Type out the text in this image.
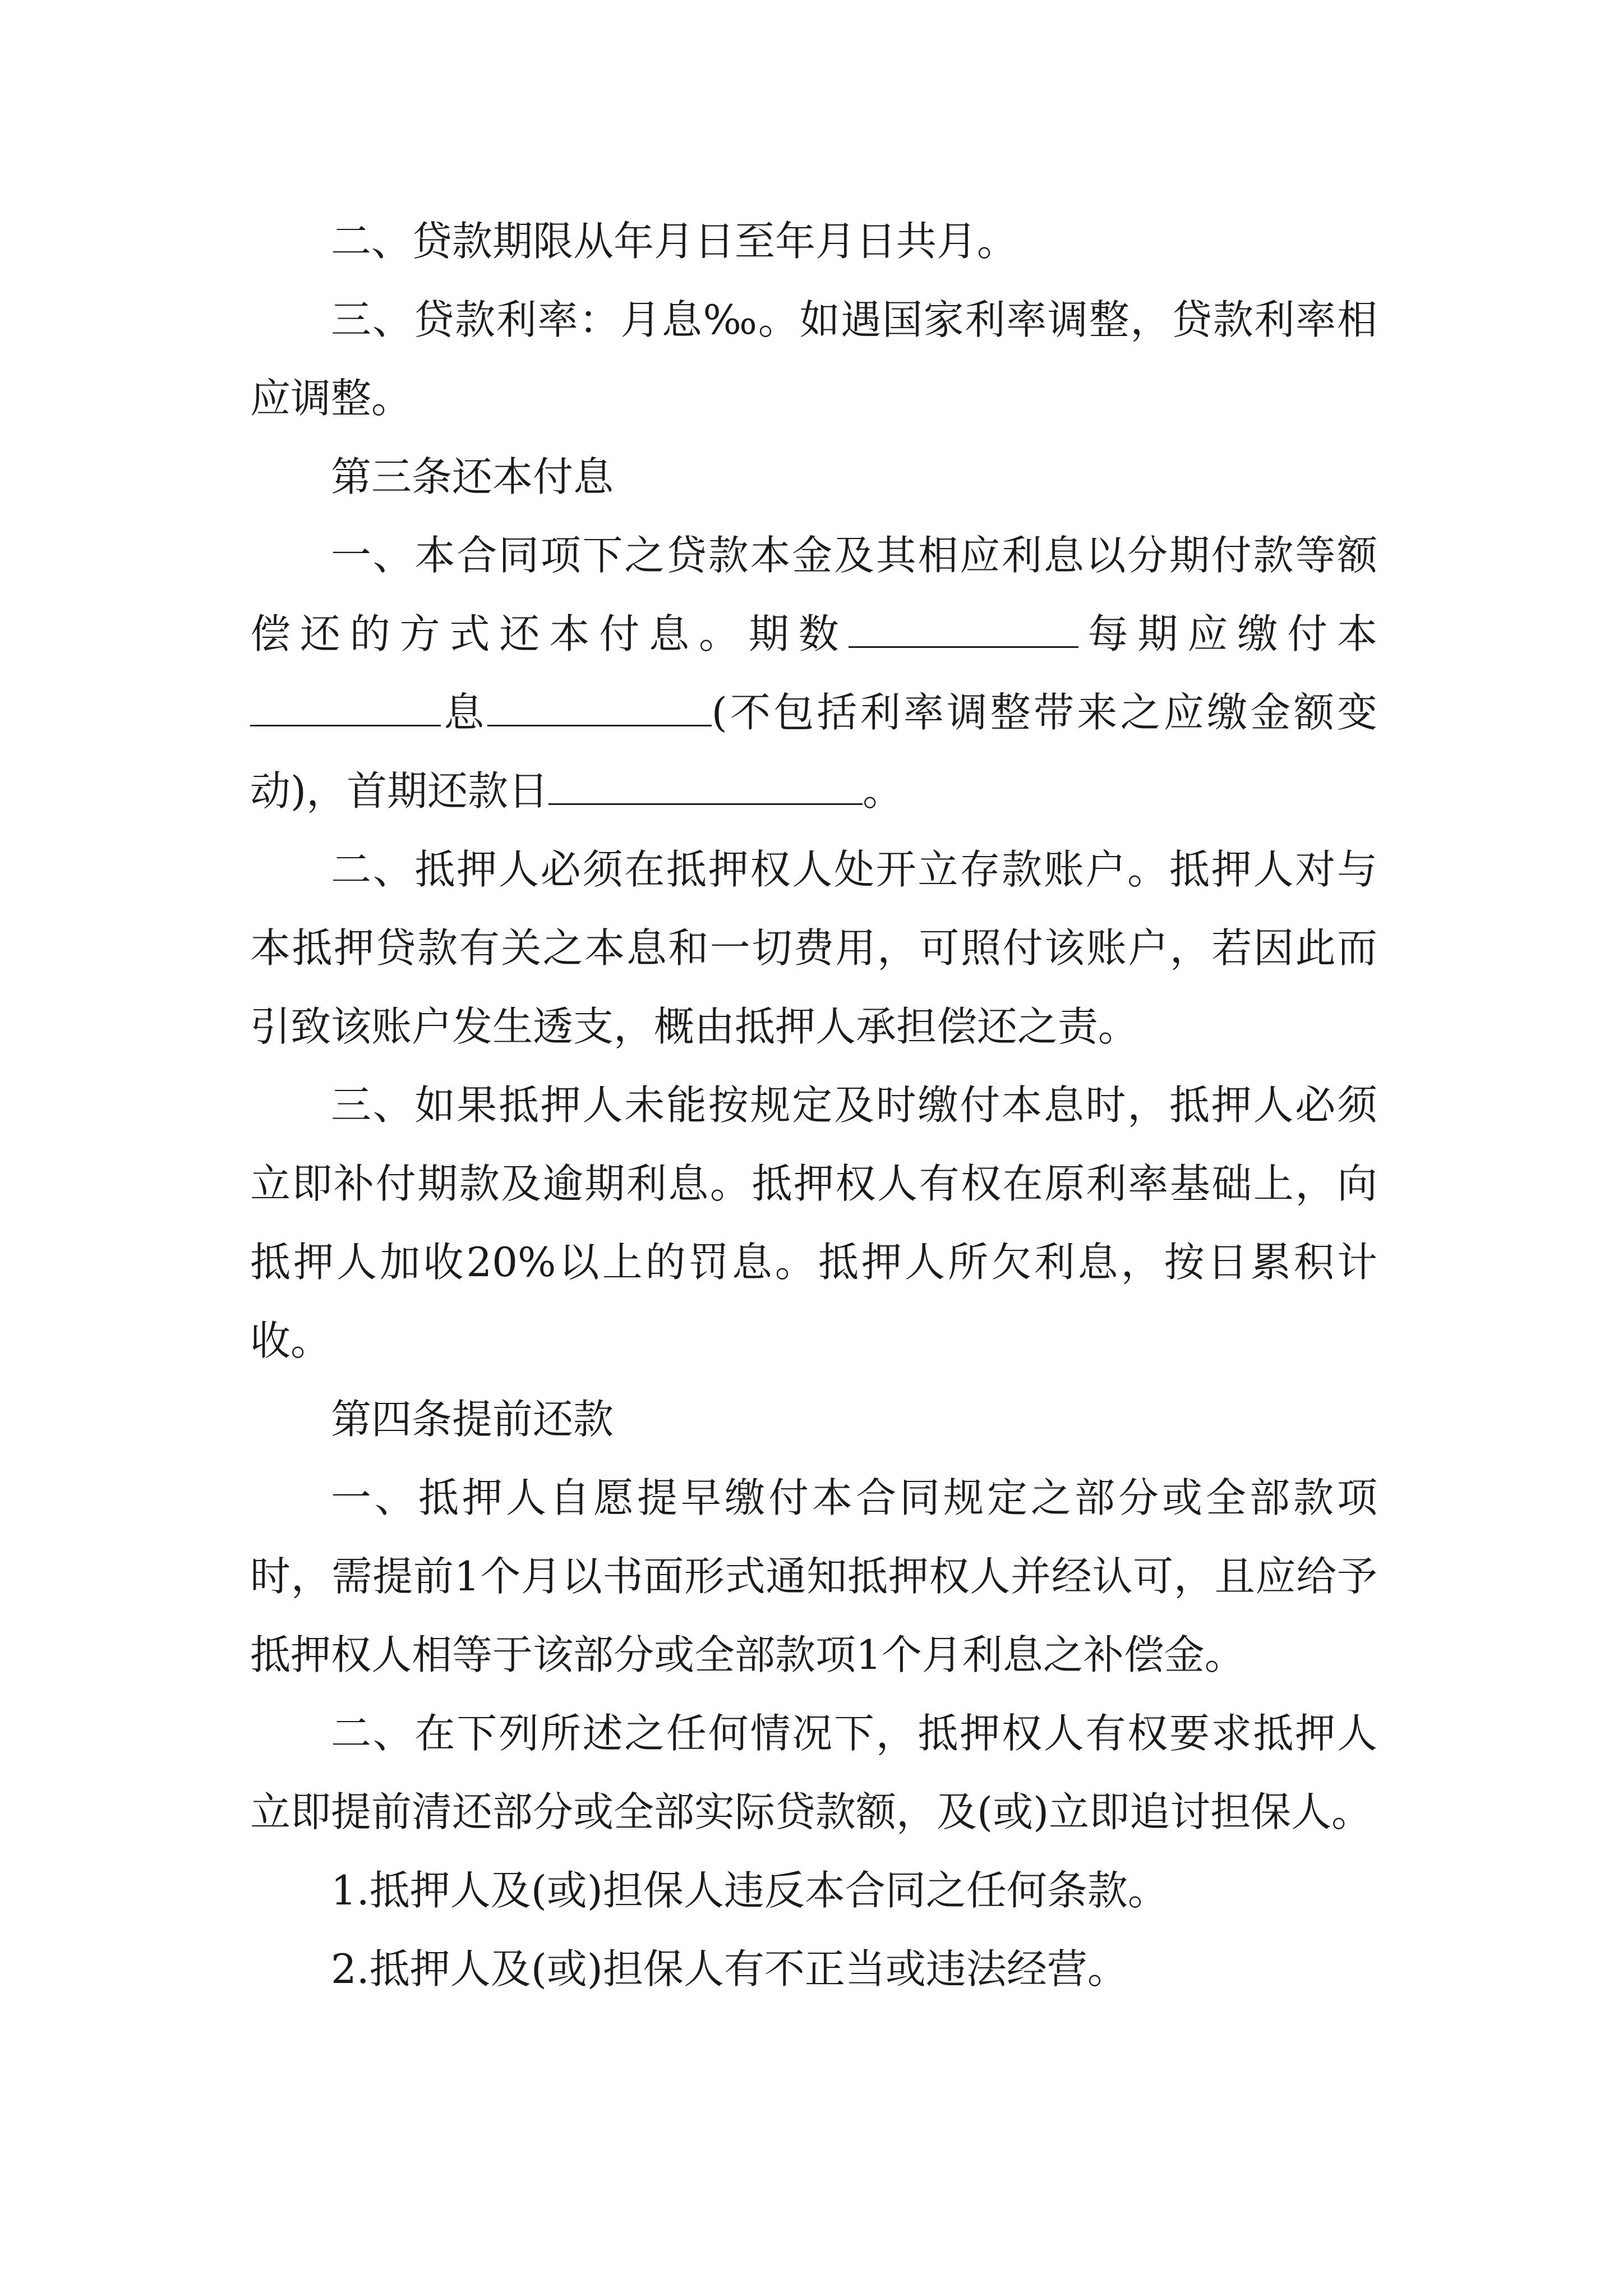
二、贷款期限从年月日至年月日共月。

三、贷款利率：月息‰。如遇国家利率调整，贷款利率相应调整。

第三条还本付息

一、本合同项下之贷款本金及其相应利息以分期付款等额偿还的方式还本付息。期数	每期应缴付本息	(不包括利率调整带来之应缴金额变动)，首期还款日	。

二、抵押人必须在抵押权人处开立存款账户。抵押人对与本抵押贷款有关之本息和一切费用，可照付该账户，若因此而引致该账户发生透支，概由抵押人承担偿还之责。

三、如果抵押人未能按规定及时缴付本息时，抵押人必须立即补付期款及逾期利息。抵押权人有权在原利率基础上，向抵押人加收20%以上的罚息。抵押人所欠利息，按日累积计收。

第四条提前还款

一、抵押人自愿提早缴付本合同规定之部分或全部款项时，需提前1个月以书面形式通知抵押权人并经认可，且应给予抵押权人相等于该部分或全部款项1个月利息之补偿金。

二、在下列所述之任何情况下，抵押权人有权要求抵押人立即提前清还部分或全部实际贷款额，及(或)立即追讨担保人。

1.抵押人及(或)担保人违反本合同之任何条款。

2.抵押人及(或)担保人有不正当或违法经营。
